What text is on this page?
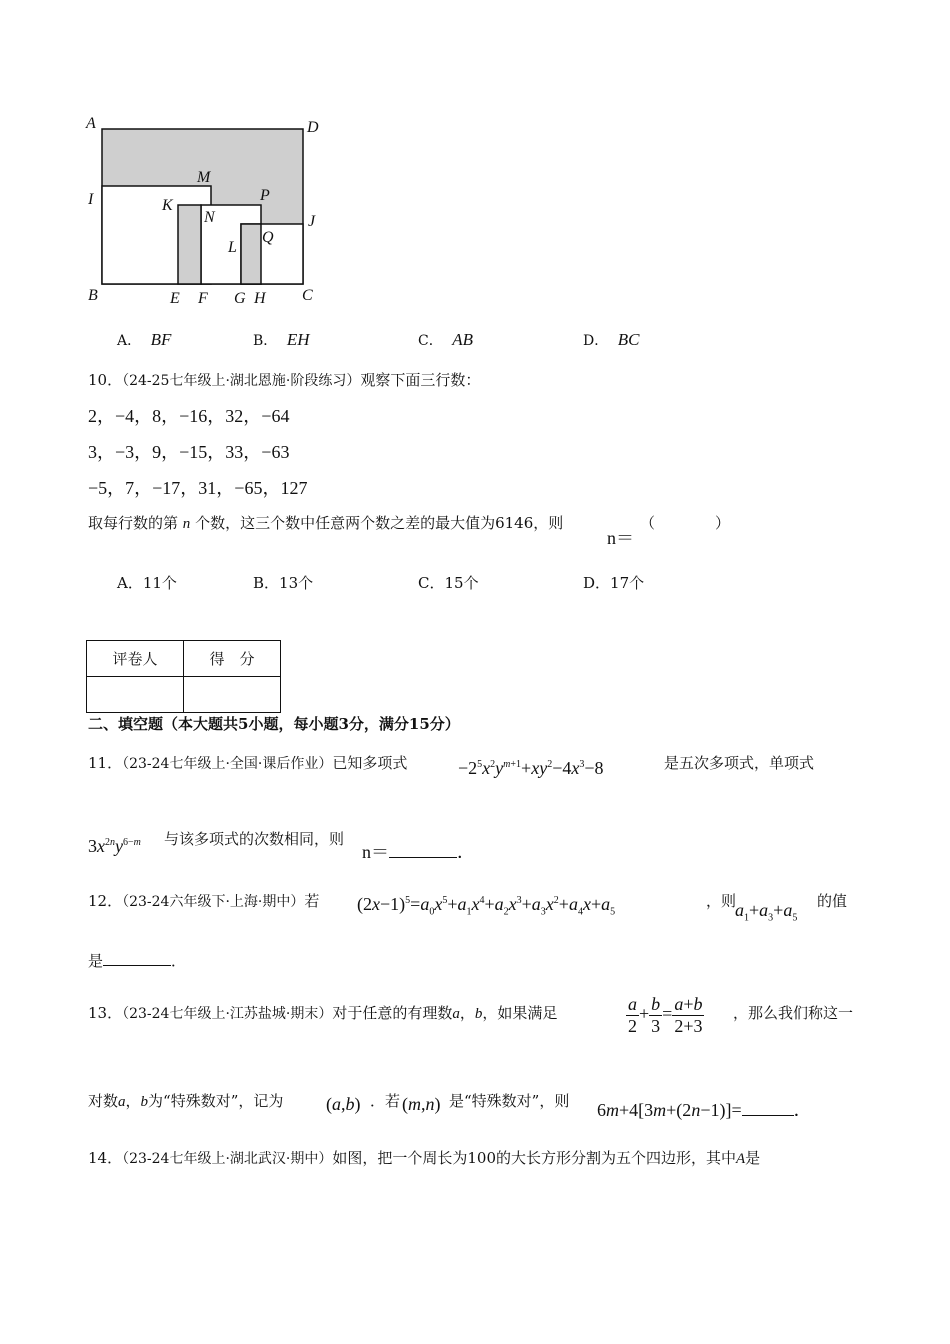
A	D
M
I	K
N
P
J
L
Q
B	E F G H C
A． BF	B． EH	C． AB	D． BC
10．（24-25七年级上·湖北恩施·阶段练习）观察下面三行数：
2，−4，8，−16，32，−64
3，−3，9，−15，33，−63
−5，7，−17，31，−65，127
取每行数的第 n 个数，这三个数中任意两个数之差的最大值为6146，则
n＝
（　　　　）
A．11个	B．13个	C．15个	D．17个
评卷人	得　分

二、填空题（本大题共5小题，每小题3分，满分15分）
11．（23-24七年级上·全国·课后作业）已知多项式	$-2^5x^2y^{m+1}+xy^2-4x^3-8$	是五次多项式，单项式
$3x^{2n}y^{6-m}$ 与该多项式的次数相同，则
n＝	．
12．（23-24六年级下·上海·期中）若 $(2x-1)^5=a_0x^5+a_1x^4+a_2x^3+a_3x^2+a_4x+a_5$
，则
$a_1+a_3+a_5$
的值
是	．
13．（23-24七年级上·江苏盐城·期末）对于任意的有理数a，b，如果满足	$\frac{a}{2} + \frac{b}{3} = \frac{a+b}{2+3}$ ，那么我们称这一
对数a，b为“特殊数对”，记为 (a,b) ．若 (m,n) 是“特殊数对”，则 6m+4[3m+(2n−1)]=	．
14．（23-24七年级上·湖北武汉·期中）如图，把一个周长为100的大长方形分割为五个四边形，其中A是
